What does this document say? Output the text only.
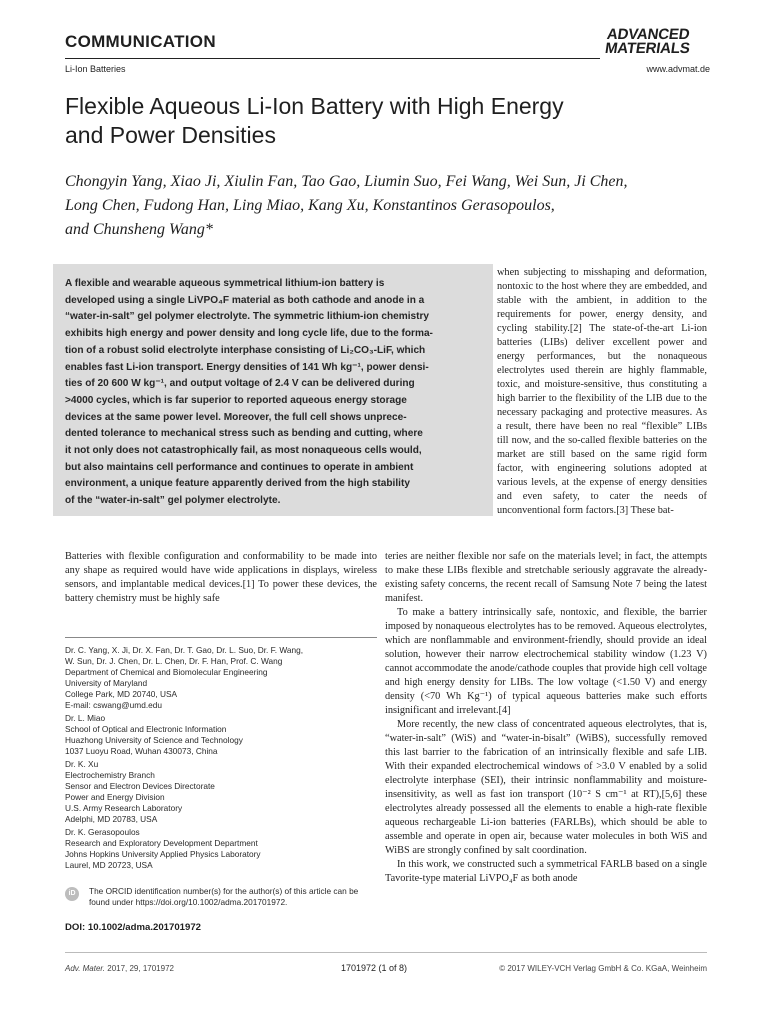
COMMUNICATION	ADVANCED
MATERIALS
Li-Ion Batteries	www.advmat.de
Flexible Aqueous Li-Ion Battery with High Energy
and Power Densities
Chongyin Yang, Xiao Ji, Xiulin Fan, Tao Gao, Liumin Suo, Fei Wang, Wei Sun, Ji Chen,
Long Chen, Fudong Han, Ling Miao, Kang Xu, Konstantinos Gerasopoulos,
and Chunsheng Wang*

A flexible and wearable aqueous symmetrical lithium-ion battery is

developed using a single LiVPO₄F material as both cathode and anode in a

“water-in-salt” gel polymer electrolyte. The symmetric lithium-ion chemistry

exhibits high energy and power density and long cycle life, due to the forma-

tion of a robust solid electrolyte interphase consisting of Li₂CO₃-LiF, which

enables fast Li-ion transport. Energy densities of 141 Wh kg⁻¹, power densi-

ties of 20 600 W kg⁻¹, and output voltage of 2.4 V can be delivered during

>4000 cycles, which is far superior to reported aqueous energy storage

devices at the same power level. Moreover, the full cell shows unprece-

dented tolerance to mechanical stress such as bending and cutting, where

it not only does not catastrophically fail, as most nonaqueous cells would,

but also maintains cell performance and continues to operate in ambient

environment, a unique feature apparently derived from the high stability

of the “water-in-salt” gel polymer electrolyte.

when subjecting to misshaping and deformation, nontoxic to the host where they are embedded, and stable with the ambient, in addition to the requirements for power, energy density, and cycling stability.[2] The state-of-the-art Li-ion batteries (LIBs) deliver excellent power and energy performances, but the nonaqueous electrolytes used therein are highly flammable, toxic, and moisture-sensitive, thus constituting a high barrier to the flexibility of the LIB due to the necessary packaging and protective measures. As a result, there have been no real “flexible” LIBs till now, and the so-called flexible batteries on the market are still based on the same rigid form factor, with engineering solutions adopted at various levels, at the expense of energy densities and even safety, to cater the needs of unconventional form factors.[3] These bat-

Batteries with flexible configuration and conformability to be made into any shape as required would have wide applications in displays, wireless sensors, and implantable medical devices.[1] To power these devices, the battery chemistry must be highly safe

teries are neither flexible nor safe on the materials level; in fact, the attempts to make these LIBs flexible and stretchable seriously aggravate the already-existing safety concerns, the recent recall of Samsung Note 7 being the latest manifest.

To make a battery intrinsically safe, nontoxic, and flexible, the barrier imposed by nonaqueous electrolytes has to be removed. Aqueous electrolytes, which are nonflammable and environment-friendly, should provide an ideal solution, however their narrow electrochemical stability window (1.23 V) cannot accommodate the anode/cathode couples that provide high cell voltage and high energy density for LIBs. The low voltage (<1.50 V) and energy density (<70 Wh Kg⁻¹) of typical aqueous batteries make such efforts insignificant and irrelevant.[4]

More recently, the new class of concentrated aqueous electrolytes, that is, “water-in-salt” (WiS) and “water-in-bisalt” (WiBS), successfully removed this last barrier to the fabrication of an intrinsically flexible and safe LIB. With their expanded electrochemical windows of >3.0 V enabled by a solid electrolyte interphase (SEI), their intrinsic nonflammability and moisture-insensitivity, as well as fast ion transport (10⁻² S cm⁻¹ at RT),[5,6] these electrolytes already possessed all the elements to enable a high-rate flexible aqueous rechargeable Li-ion batteries (FARLBs), which should be able to assemble and operate in open air, because water molecules in both WiS and WiBS are strongly confined by salt coordination.

In this work, we constructed such a symmetrical FARLB based on a single Tavorite-type material LiVPO₄F as both anode

Dr. C. Yang, X. Ji, Dr. X. Fan, Dr. T. Gao, Dr. L. Suo, Dr. F. Wang,
W. Sun, Dr. J. Chen, Dr. L. Chen, Dr. F. Han, Prof. C. Wang
Department of Chemical and Biomolecular Engineering
University of Maryland
College Park, MD 20740, USA
E-mail: cswang@umd.edu
Dr. L. Miao
School of Optical and Electronic Information
Huazhong University of Science and Technology
1037 Luoyu Road, Wuhan 430073, China
Dr. K. Xu
Electrochemistry Branch
Sensor and Electron Devices Directorate
Power and Energy Division
U.S. Army Research Laboratory
Adelphi, MD 20783, USA
Dr. K. Gerasopoulos
Research and Exploratory Development Department
Johns Hopkins University Applied Physics Laboratory
Laurel, MD 20723, USA
iD	The ORCID identification number(s) for the author(s) of this article can be found under https://doi.org/10.1002/adma.201701972.
DOI: 10.1002/adma.201701972
Adv. Mater. 2017, 29, 1701972	1701972 (1 of 8)	© 2017 WILEY-VCH Verlag GmbH & Co. KGaA, Weinheim
